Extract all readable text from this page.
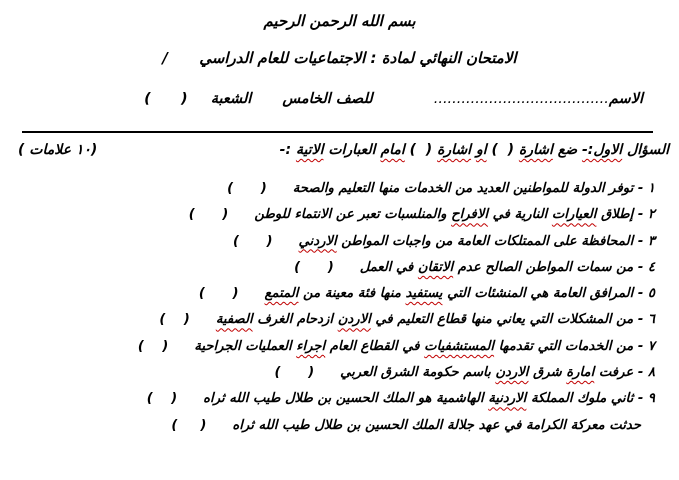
بسم الله الرحمن الرحيم
الامتحان النهائي لمادة : الاجتماعيات للعام الدراسي      /
الاسم...................................... للصف الخامس الشعبة (      )
السؤال الاول:- ضع اشارة (  ) او اشارة (  ) امام العبارات الاتية :-
( ١٠ علامات)
١ - توفر الدولة للمواطنين العديد من الخدمات منها التعليم والصحة(      )
٢ - إطلاق العيارات النارية في الافراح والمنلسبات تعبر عن الانتماء للوطن(      )
٣ - المحافظة على الممتلكات العامة من واجبات المواطن الاردني(      )
٤ - من سمات المواطن الصالح عدم الاتقان في العمل(      )
٥ - المرافق العامة هي المنشئات التي يستفيد منها فئة معينة من المتمع(      )
٦ - من المشكلات التي يعاني منها قطاع التعليم في الاردن ازدحام الغرف الصفية(    )
٧ - من الخدمات التي تقدمها المستشفيات في القطاع العام اجراء العمليات الجراحية(    )
٨ - عرفت امارة شرق الاردن باسم حكومة الشرق العربي(      )
٩ - ثاني ملوك المملكة الاردنية الهاشمية هو الملك الحسين بن طلال طيب الله ثراه(    )
حدثت معركة الكرامة في عهد جلالة الملك الحسين بن طلال طيب الله ثراه(     )
